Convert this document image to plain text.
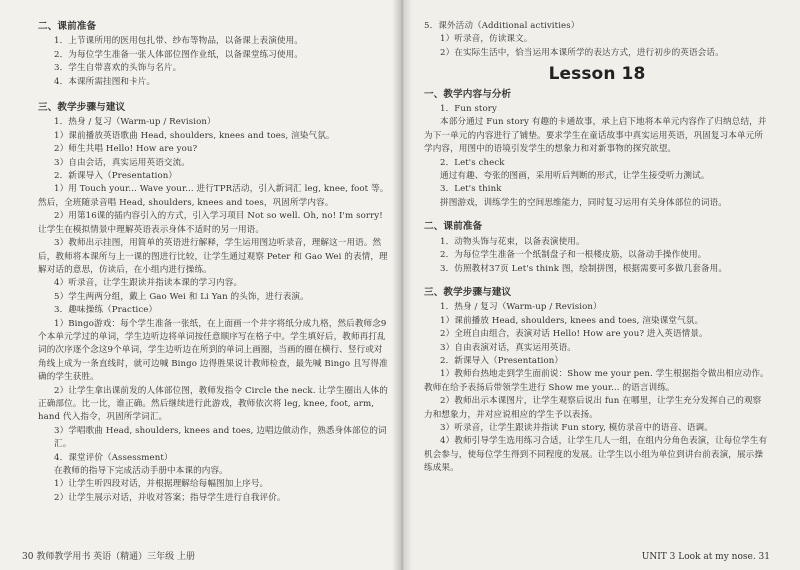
二、课前准备
1．上节课所用的医用包扎带、纱布等物品，以备课上表演使用。
2．为每位学生准备一张人体部位图作业纸，以备课堂练习使用。
3．学生自带喜欢的头饰与名片。
4．本课所需挂图和卡片。
三、教学步骤与建议
1．热身 / 复习（Warm-up / Revision）
1）课前播放英语歌曲 Head, shoulders, knees and toes, 渲染气氛。
2）师生共唱 Hello! How are you?
3）自由会话，真实运用英语交流。
2．新课导入（Presentation）
1）用 Touch your... Wave your... 进行TPR活动，引入新词汇 leg, knee, foot 等。然后，全班随录音唱 Head, shoulders, knees and toes，巩固所学内容。
2）用第16课的插内容引入的方式，引入学习项目 Not so well. Oh, no! I'm sorry! 让学生在模拟情景中理解英语表示身体不适时的另一用语。
3）教师出示挂图，用简单的英语进行解释，学生运用图边听录音，理解这一用语。然后，教师将本课所与上一课的图进行比较，让学生通过观察 Peter 和 Gao Wei 的表情，理解对话的意思，仿读后，在小组内进行操练。
4）听录音，让学生跟读并指读本课的学习内容。
5）学生两两分组，戴上 Gao Wei 和 Li Yan 的头饰，进行表演。
3．趣味操练（Practice）
1）Bingo游戏：每个学生准备一张纸，在上面画一个井字将纸分成九格，然后教师念9个本单元学过的单词，学生边听边将单词按任意顺序写在格子中。学生填好后，教师再打乱词的次序逐个念这9个单词，学生边听边在所到的单词上画圈，当画的圈在横行、竖行或对角线上成为一条直线时，就可边喊 Bingo 边得胜果说计教师检查，最先喊 Bingo 且写得准确的学生获胜。
2）让学生拿出课前发的人体部位图，教师发指令 Circle the neck. 让学生圈出人体的正确部位。比一比，谁正确。然后继续进行此游戏，教师依次将 leg, knee, foot, arm, hand 代入指令，巩固所学词汇。
3）学唱歌曲 Head, shoulders, knees and toes, 边唱边做动作，熟悉身体部位的词汇。
4．课堂评价（Assessment）
在教师的指导下完成活动手册中本课的内容。
1）让学生听四段对话，并根据理解给每幅图加上序号。
2）让学生展示对话，并收对答案；指导学生进行自我评价。
30 教师教学用书 英语（精通）三年级 上册
5．课外活动（Additional activities）
1）听录音，仿读课文。
2）在实际生活中，恰当运用本课所学的表达方式，进行初步的英语会话。
Lesson 18
一、教学内容与分析
1．Fun story
本部分通过 Fun story 有趣的卡通故事，承上启下地将本单元内容作了归纳总结，并为下一单元的内容进行了铺垫。要求学生在童话故事中真实运用英语，巩固复习本单元所学内容，用图中的语境引发学生的想象力和对新事物的探究欲望。
2．Let's check
通过有趣、夸张的图画，采用听后判断的形式，让学生接受听力测试。
3．Let's think
拼图游戏，训练学生的空间思维能力，同时复习运用有关身体部位的词语。
二、课前准备
1．动物头饰与花束，以备表演使用。
2．为每位学生准备一个纸制盘子和一根楼皮筋，以备动手操作使用。
3．仿照教材37页 Let's think 图，绘制拼图，根据需要可多做几套备用。
三、教学步骤与建议
1．热身 / 复习（Warm-up / Revision）
1）课前播放 Head, shoulders, knees and toes, 渲染课堂气氛。
2）全班自由组合，表演对话 Hello! How are you? 进入英语情景。
3）自由表演对话，真实运用英语。
2．新课导入（Presentation）
1）教师台热地走到学生面前说：Show me your pen. 学生根据指令做出相应动作。教师在给予表扬后带领学生进行 Show me your... 的语言训练。
2）教师出示本课图片，让学生观察后说出 fun 在哪里，让学生充分发挥自己的观察力和想象力，并对应说相应的学生予以表扬。
3）听录音，让学生跟读并指读 Fun story, 模仿录音中的语音、语调。
4）教师引导学生选用练习合适，让学生几人一组，在组内分角色表演，让每位学生有机会参与，使每位学生得到不同程度的发展。让学生以小组为单位到讲台前表演，展示操练成果。
UNIT 3 Look at my nose. 31
